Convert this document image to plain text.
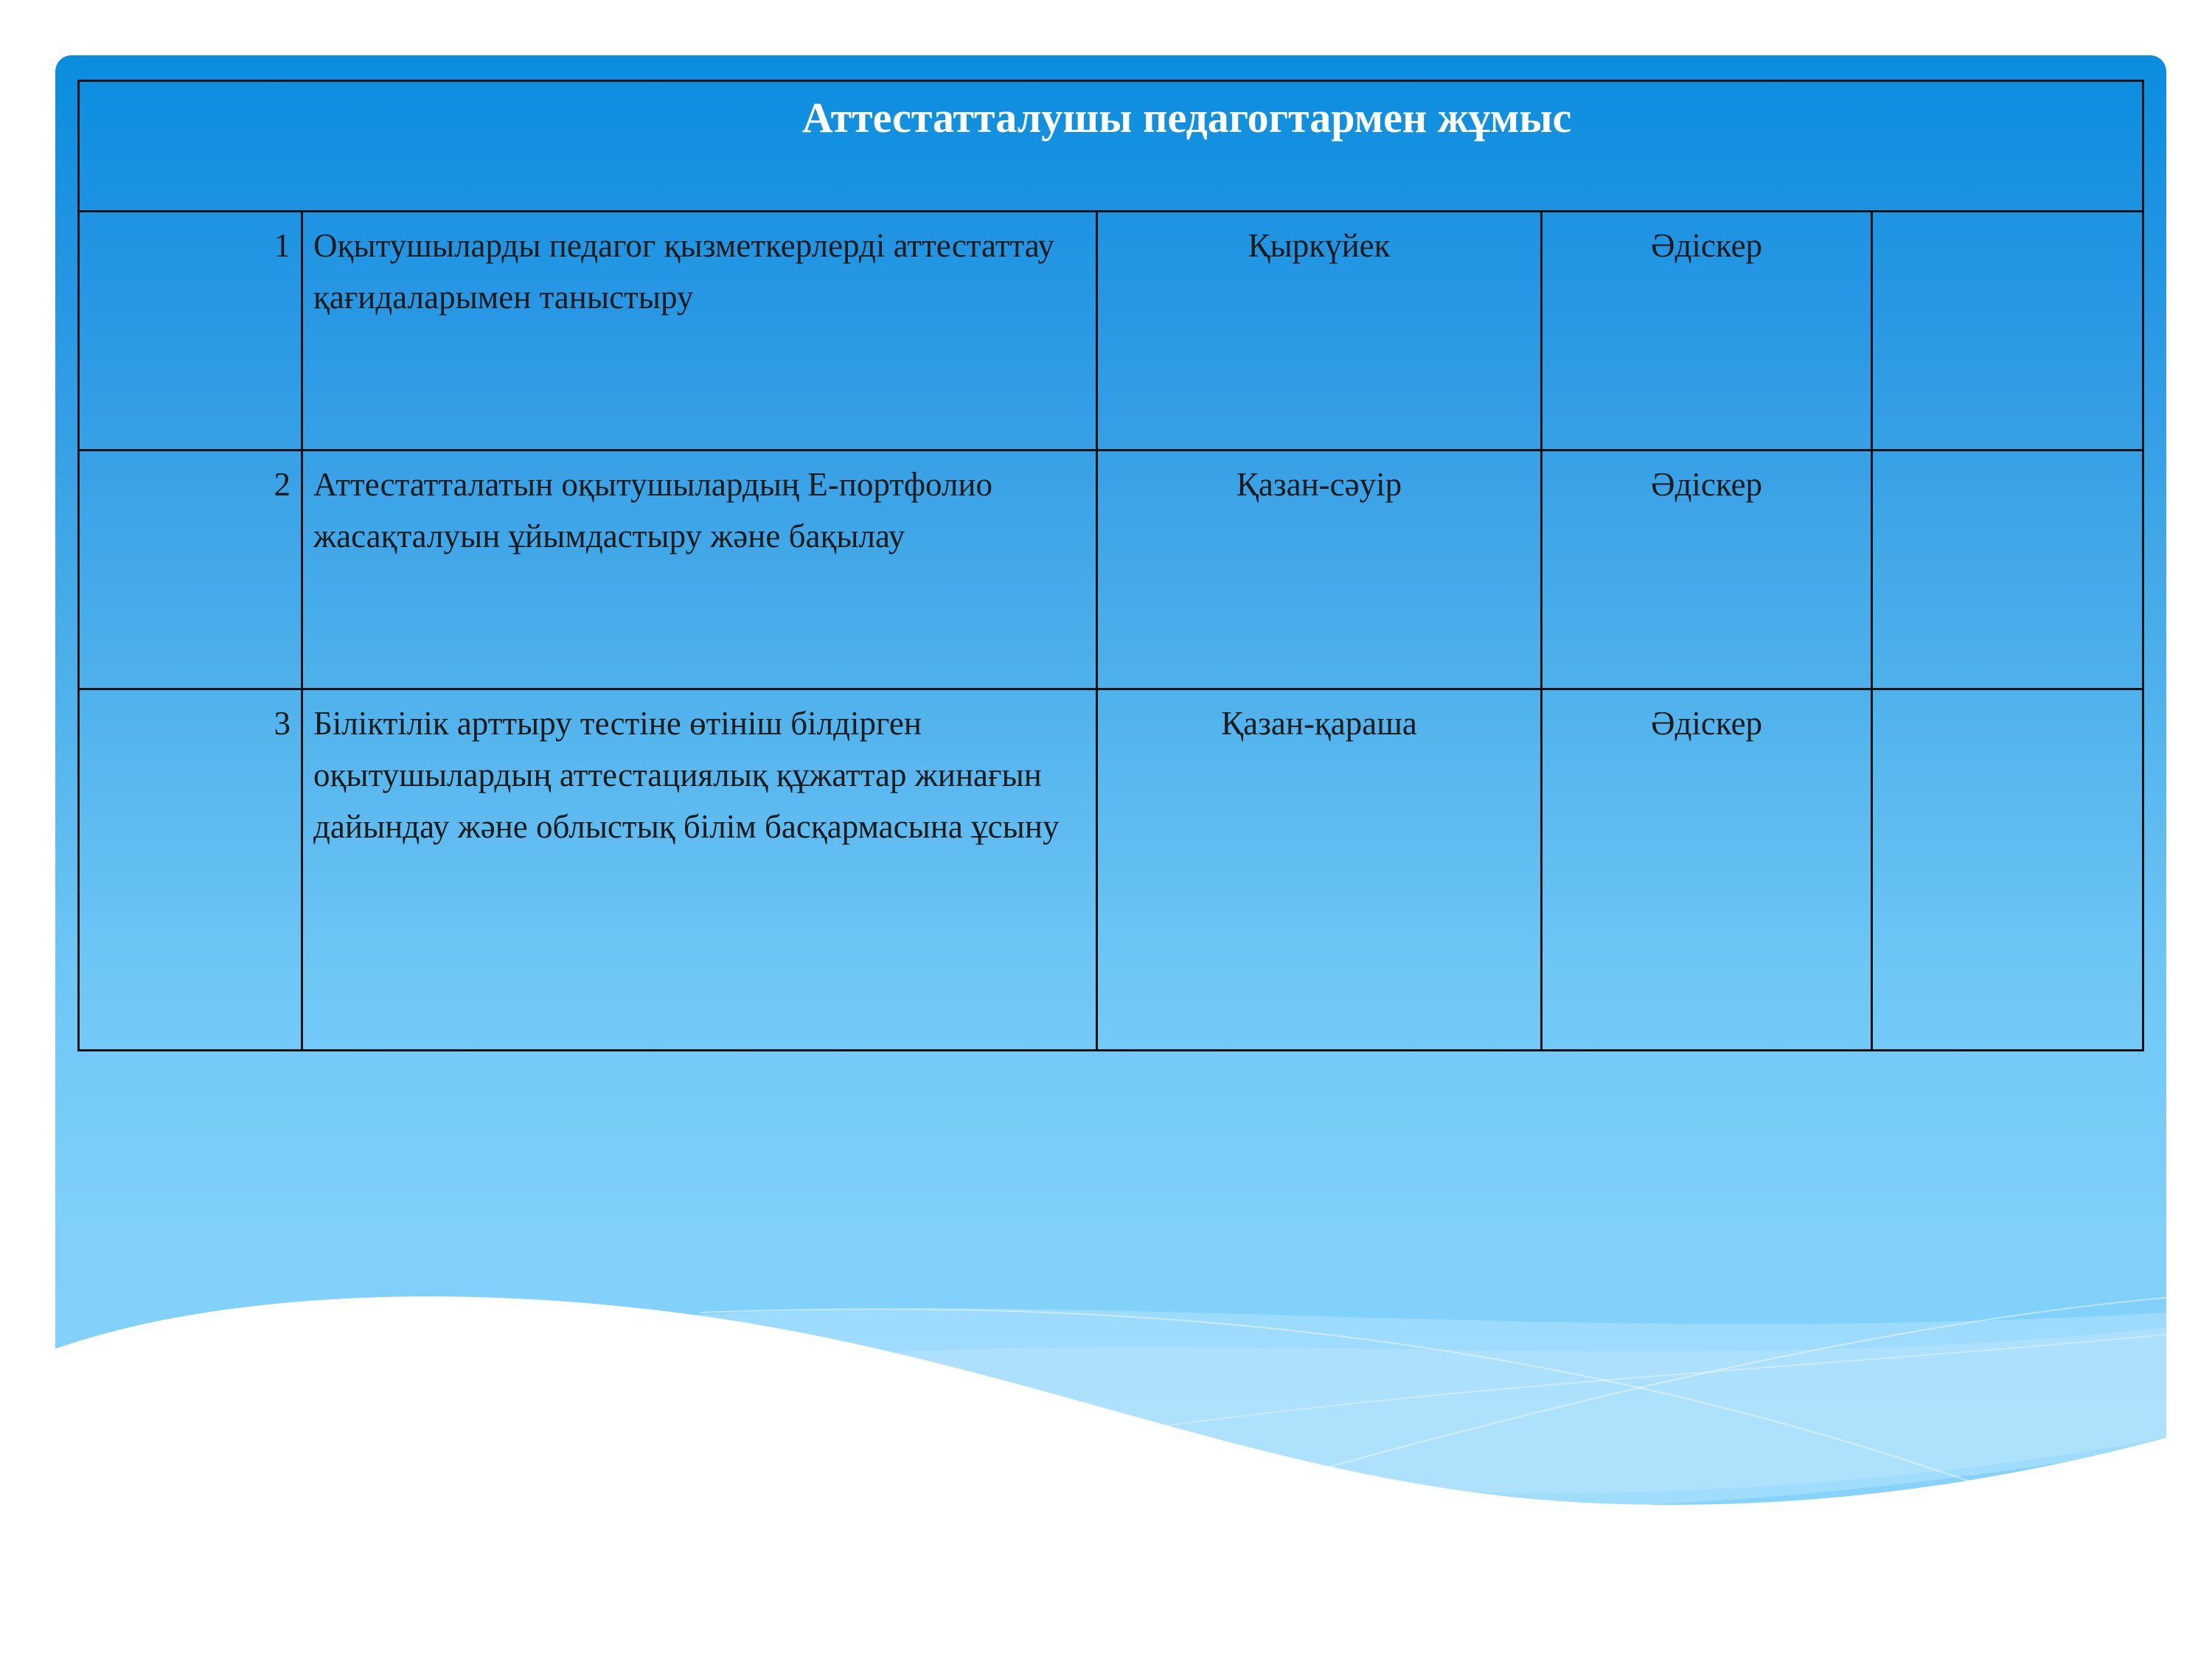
Аттестатталушы педагогтармен жұмыс				
1	Оқытушыларды педагог қызметкерлерді аттестаттау қағидаларымен таныстыру	Қыркүйек	Әдіскер	
2	Аттестатталатын оқытушылардың Е-портфолио жасақталуын ұйымдастыру және бақылау	Қазан-сәуір	Әдіскер	
3	Біліктілік арттыру тестіне өтініш білдірген оқытушылардың аттестациялық құжаттар жинағын дайындау және облыстық білім басқармасына ұсыну	Қазан-қараша	Әдіскер	
